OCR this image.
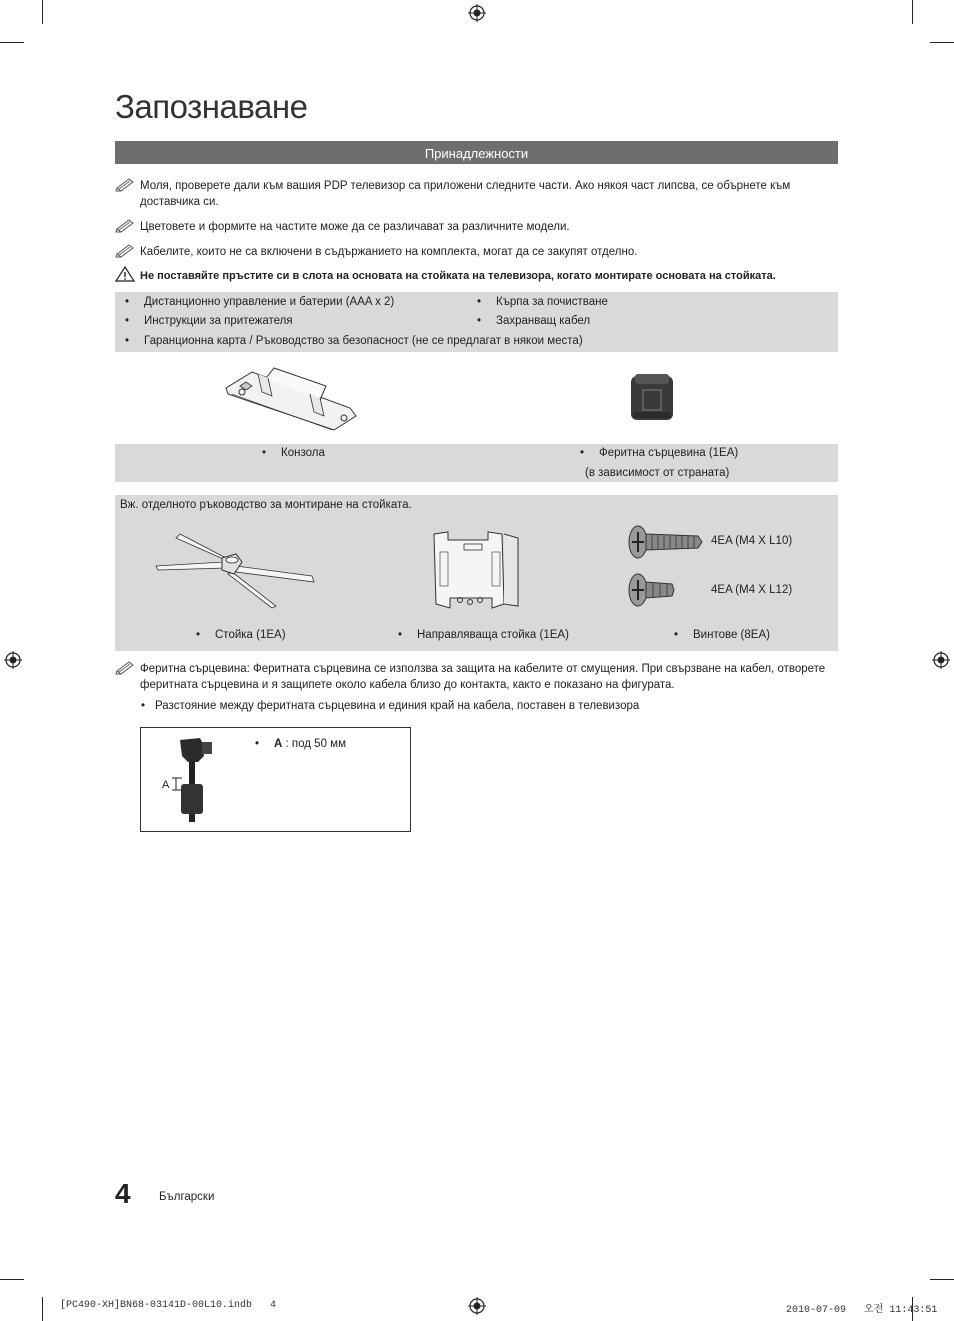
Запознаване
Принадлежности
Моля, проверете дали към вашия PDP телевизор са приложени следните части. Ако някоя част липсва, се обърнете към доставчика си.
Цветовете и формите на частите може да се различават за различните модели.
Кабелите, които не са включени в съдържанието на комплекта, могат да се закупят отделно.
Не поставяйте пръстите си в слота на основата на стойката на телевизора, когато монтирате основата на стойката.
• Дистанционно управление и батерии (AAA x 2)	• Кърпа за почистване
• Инструкции за притежателя	• Захранващ кабел
• Гаранционна карта / Ръководство за безопасност (не се предлагат в някои места)
• Конзола	• Феритна сърцевина (1EA)
(в зависимост от страната)
Вж. отделното ръководство за монтиране на стойката.
4EA (M4 X L10)
4EA (M4 X L12)
• Стойка (1EA)	• Направляваща стойка (1EA)	• Винтове (8EA)
Феритна сърцевина: Феритната сърцевина се използва за защита на кабелите от смущения. При свързване на кабел, отворете феритната сърцевина и я защипете около кабела близо до контакта, както е показано на фигурата.
• Разстояние между феритната сърцевина и единия край на кабела, поставен в телевизора
A
• A : под 50 мм
4 Български
[PC490-XH]BN68-03141D-00L10.indb   4	2010-07-09   오전 11:43:51
